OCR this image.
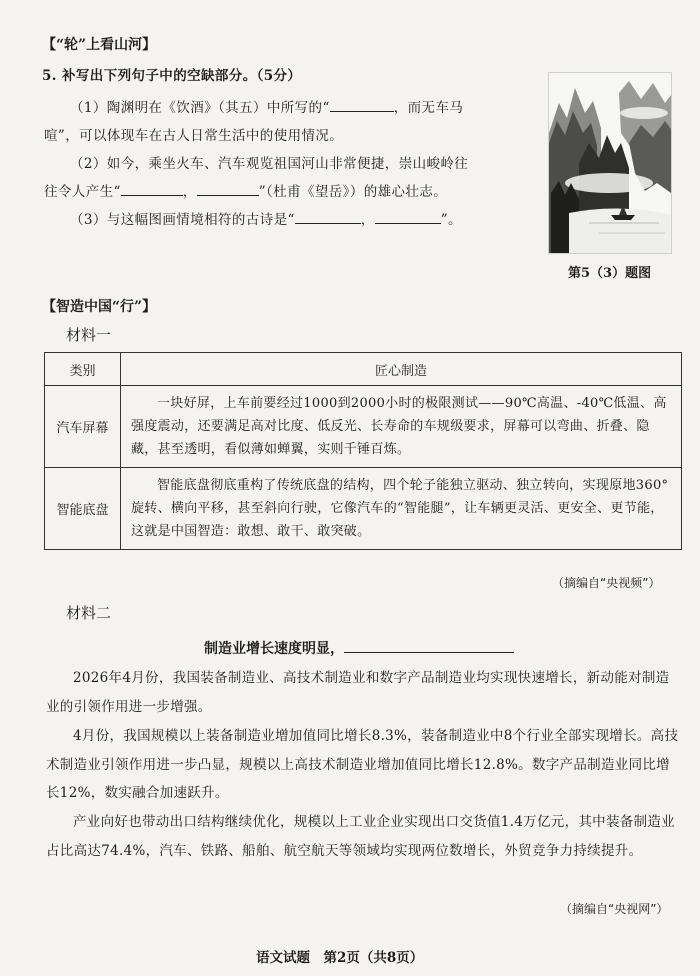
【“轮”上看山河】
5. 补写出下列句子中的空缺部分。（5分）
（1）陶渊明在《饮酒》（其五）中所写的“	，而无车马
喧”，可以体现车在古人日常生活中的使用情况。
（2）如今，乘坐火车、汽车观览祖国河山非常便捷，崇山峻岭往
往令人产生“	，	”（杜甫《望岳》）的雄心壮志。
（3）与这幅图画情境相符的古诗是“	，	”。
第5（3）题图
【智造中国“行”】
材料一
类别	匠心制造
汽车屏幕	一块好屏，上车前要经过1000到2000小时的极限测试——90℃高温、-40℃低温、高强度震动，还要满足高对比度、低反光、长寿命的车规级要求，屏幕可以弯曲、折叠、隐藏，甚至透明，看似薄如蝉翼，实则千锤百炼。
智能底盘	智能底盘彻底重构了传统底盘的结构，四个轮子能独立驱动、独立转向，实现原地360°旋转、横向平移，甚至斜向行驶，它像汽车的“智能腿”，让车辆更灵活、更安全、更节能，这就是中国智造：敢想、敢干、敢突破。
（摘编自“央视频”）
材料二
制造业增长速度明显，
2026年4月份，我国装备制造业、高技术制造业和数字产品制造业均实现快速增长，新动能对制造业的引领作用进一步增强。
4月份，我国规模以上装备制造业增加值同比增长8.3%，装备制造业中8个行业全部实现增长。高技术制造业引领作用进一步凸显，规模以上高技术制造业增加值同比增长12.8%。数字产品制造业同比增长12%，数实融合加速跃升。
产业向好也带动出口结构继续优化，规模以上工业企业实现出口交货值1.4万亿元，其中装备制造业占比高达74.4%，汽车、铁路、船舶、航空航天等领域均实现两位数增长，外贸竞争力持续提升。
（摘编自“央视网”）
语文试题　第2页（共8页）
